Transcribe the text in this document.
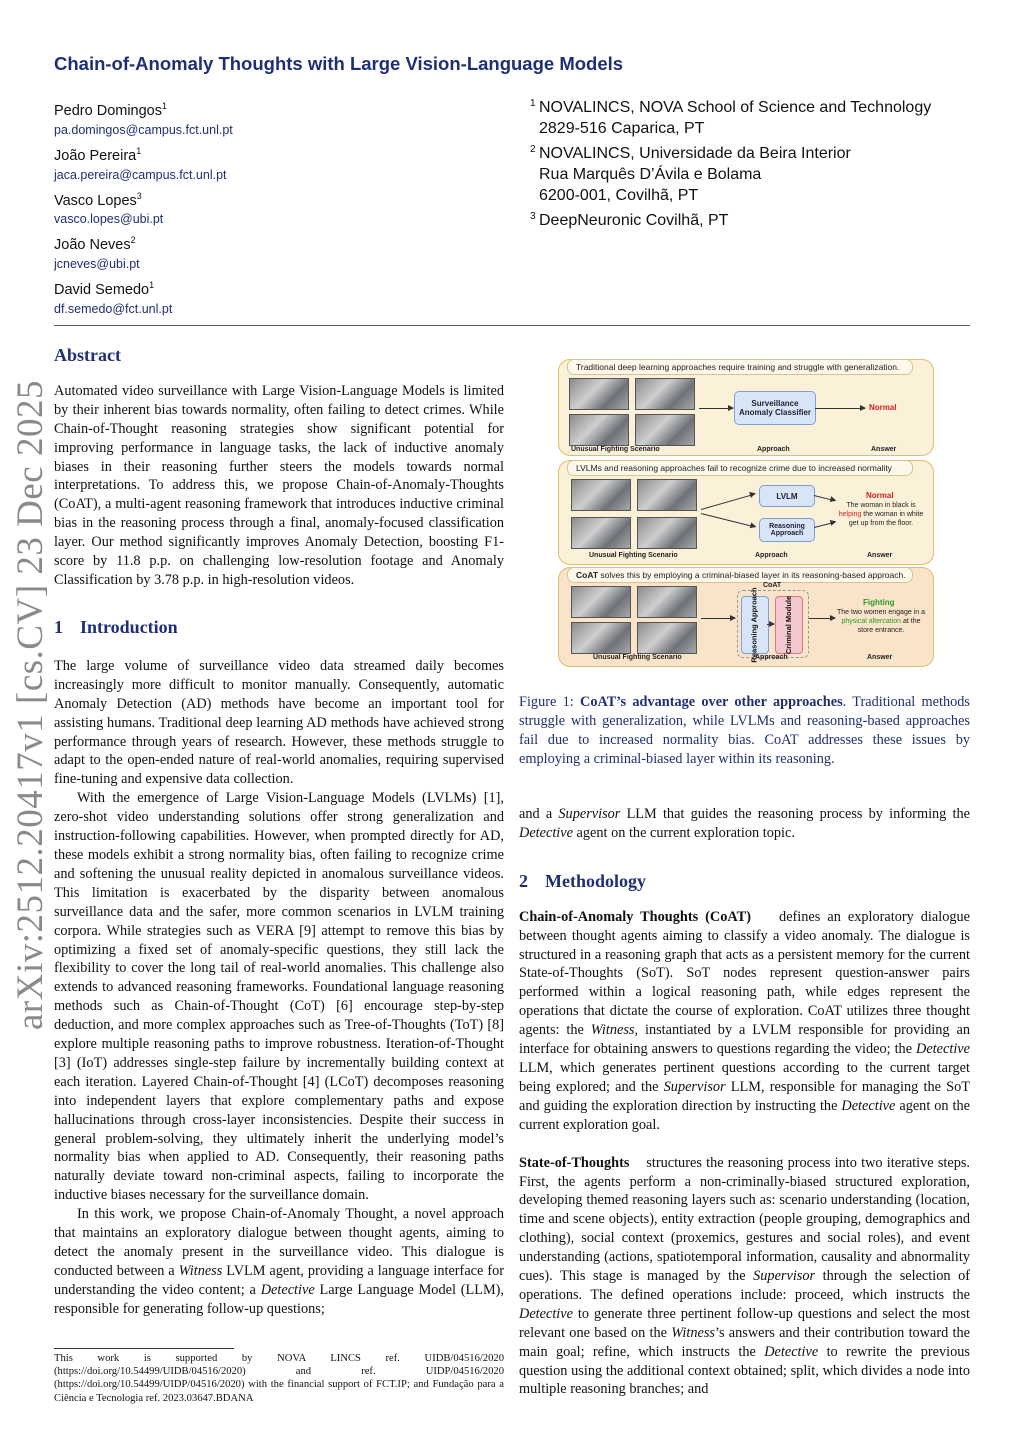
Chain-of-Anomaly Thoughts with Large Vision-Language Models
Pedro Domingos$^1$
pa.domingos@campus.fct.unl.pt
João Pereira$^1$
jaca.pereira@campus.fct.unl.pt
Vasco Lopes$^3$
vasco.lopes@ubi.pt
João Neves$^2$
jcneves@ubi.pt
David Semedo$^1$
df.semedo@fct.unl.pt
1 NOVALINCS, NOVA School of Science and Technology
2829-516 Caparica, PT
2 NOVALINCS, Universidade da Beira Interior
Rua Marquês D’Ávila e Bolama
6200-001, Covilhã, PT
3 DeepNeuronic Covilhã, PT
arXiv:2512.20417v1 [cs.CV] 23 Dec 2025
Abstract

Automated video surveillance with Large Vision-Language Models is limited by their inherent bias towards normality, often failing to detect crimes. While Chain-of-Thought reasoning strategies show significant potential for improving performance in language tasks, the lack of inductive anomaly biases in their reasoning further steers the models towards normal interpretations. To address this, we propose Chain-of-Anomaly-Thoughts (CoAT), a multi-agent reasoning framework that introduces inductive criminal bias in the reasoning process through a final, anomaly-focused classification layer. Our method significantly improves Anomaly Detection, boosting F1-score by 11.8 p.p. on challenging low-resolution footage and Anomaly Classification by 3.78 p.p. in high-resolution videos.

1 Introduction

The large volume of surveillance video data streamed daily becomes increasingly more difficult to monitor manually. Consequently, automatic Anomaly Detection (AD) methods have become an important tool for assisting humans. Traditional deep learning AD methods have achieved strong performance through years of research. However, these methods struggle to adapt to the open-ended nature of real-world anomalies, requiring supervised fine-tuning and expensive data collection.

With the emergence of Large Vision-Language Models (LVLMs) [1], zero-shot video understanding solutions offer strong generalization and instruction-following capabilities. However, when prompted directly for AD, these models exhibit a strong normality bias, often failing to recognize crime and softening the unusual reality depicted in anomalous surveillance videos. This limitation is exacerbated by the disparity between anomalous surveillance data and the safer, more common scenarios in LVLM training corpora. While strategies such as VERA [9] attempt to remove this bias by optimizing a fixed set of anomaly-specific questions, they still lack the flexibility to cover the long tail of real-world anomalies. This challenge also extends to advanced reasoning frameworks. Foundational language reasoning methods such as Chain-of-Thought (CoT) [6] encourage step-by-step deduction, and more complex approaches such as Tree-of-Thoughts (ToT) [8] explore multiple reasoning paths to improve robustness. Iteration-of-Thought [3] (IoT) addresses single-step failure by incrementally building context at each iteration. Layered Chain-of-Thought [4] (LCoT) decomposes reasoning into independent layers that explore complementary paths and expose hallucinations through cross-layer inconsistencies. Despite their success in general problem-solving, they ultimately inherit the underlying model’s normality bias when applied to AD. Consequently, their reasoning paths naturally deviate toward non-criminal aspects, failing to incorporate the inductive biases necessary for the surveillance domain.

In this work, we propose Chain-of-Anomaly Thought, a novel approach that maintains an exploratory dialogue between thought agents, aiming to detect the anomaly present in the surveillance video. This dialogue is conducted between a Witness LVLM agent, providing a language interface for understanding the video content; a Detective Large Language Model (LLM), responsible for generating follow-up questions;

This work is supported by NOVA LINCS ref. UIDB/04516/2020 (https://doi.org/10.54499/UIDB/04516/2020) and ref. UIDP/04516/2020 (https://doi.org/10.54499/UIDP/04516/2020) with the financial support of FCT.IP; and Fundação para a Ciência e Tecnologia ref. 2023.03647.BDANA
Traditional deep learning approaches require training and struggle with generalization.
Surveillance Anomaly Classifier
Normal
Unusual Fighting Scenario	Approach	Answer
LVLMs and reasoning approaches fail to recognize crime due to increased normality
LVLM
Reasoning Approach
Normal
The woman in black is helping the woman in white get up from the floor.
Unusual Fighting Scenario	Approach	Answer
CoAT solves this by employing a criminal-biased layer in its reasoning-based approach.
CoAT
Reasoning Approach	Criminal Module	Fighting
The two women engage in a physical altercation at the store entrance.
Unusual Fighting Scenario	Approach	Answer
Figure 1: CoAT’s advantage over other approaches. Traditional methods struggle with generalization, while LVLMs and reasoning-based approaches fail due to increased normality bias. CoAT addresses these issues by employing a criminal-biased layer within its reasoning.

and a Supervisor LLM that guides the reasoning process by informing the Detective agent on the current exploration topic.

2 Methodology

Chain-of-Anomaly Thoughts (CoAT) defines an exploratory dialogue between thought agents aiming to classify a video anomaly. The dialogue is structured in a reasoning graph that acts as a persistent memory for the current State-of-Thoughts (SoT). SoT nodes represent question-answer pairs performed within a logical reasoning path, while edges represent the operations that dictate the course of exploration. CoAT utilizes three thought agents: the Witness, instantiated by a LVLM responsible for providing an interface for obtaining answers to questions regarding the video; the Detective LLM, which generates pertinent questions according to the current target being explored; and the Supervisor LLM, responsible for managing the SoT and guiding the exploration direction by instructing the Detective agent on the current exploration goal.

State-of-Thoughts structures the reasoning process into two iterative steps. First, the agents perform a non-criminally-biased structured exploration, developing themed reasoning layers such as: scenario understanding (location, time and scene objects), entity extraction (people grouping, demographics and clothing), social context (proxemics, gestures and social roles), and event understanding (actions, spatiotemporal information, causality and abnormality cues). This stage is managed by the Supervisor through the selection of operations. The defined operations include: proceed, which instructs the Detective to generate three pertinent follow-up questions and select the most relevant one based on the Witness’s answers and their contribution toward the main goal; refine, which instructs the Detective to rewrite the previous question using the additional context obtained; split, which divides a node into multiple reasoning branches; and
